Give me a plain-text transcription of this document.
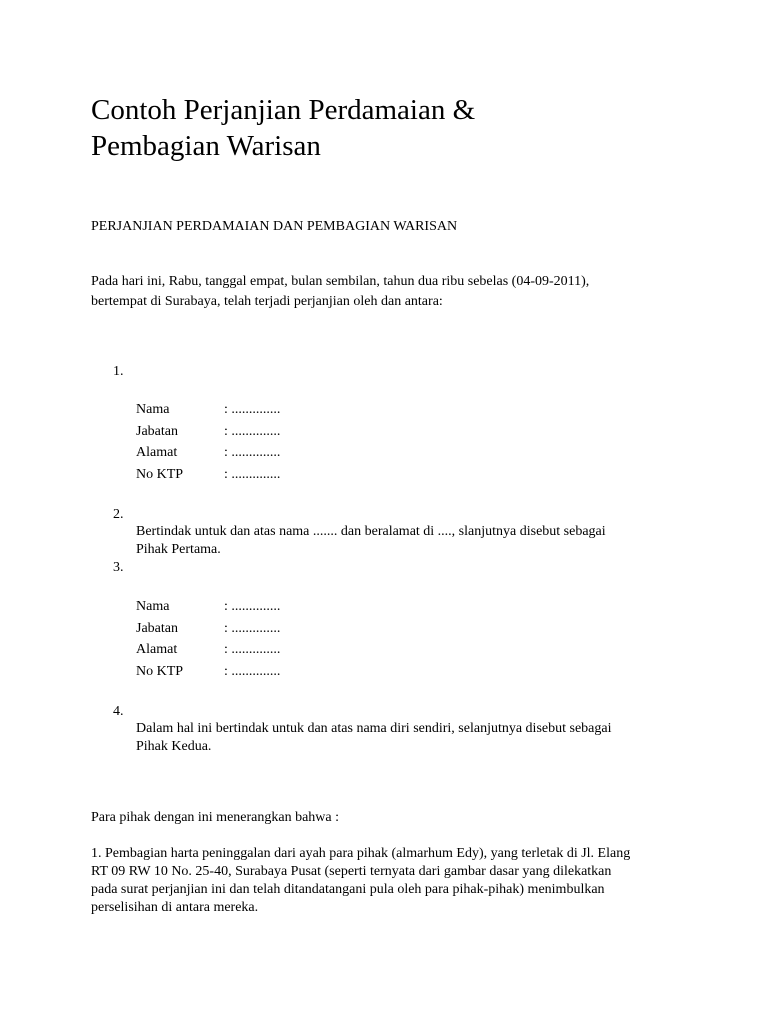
Contoh Perjanjian Perdamaian &
Pembagian Warisan

PERJANJIAN PERDAMAIAN DAN PEMBAGIAN WARISAN

Pada hari ini, Rabu, tanggal empat, bulan sembilan, tahun dua ribu sebelas (04-09-2011),
bertempat di Surabaya, telah terjadi perjanjian oleh dan antara:

1.
Nama	: ..............
Jabatan	: ..............
Alamat	: ..............
No KTP	: ..............
2.

Bertindak untuk dan atas nama ....... dan beralamat di ...., slanjutnya disebut sebagai
Pihak Pertama.

3.
Nama	: ..............
Jabatan	: ..............
Alamat	: ..............
No KTP	: ..............
4.

Dalam hal ini bertindak untuk dan atas nama diri sendiri, selanjutnya disebut sebagai
Pihak Kedua.

Para pihak dengan ini menerangkan bahwa :

1. Pembagian harta peninggalan dari ayah para pihak (almarhum Edy), yang terletak di Jl. Elang
RT 09 RW 10 No. 25-40, Surabaya Pusat (seperti ternyata dari gambar dasar yang dilekatkan
pada surat perjanjian ini dan telah ditandatangani pula oleh para pihak-pihak) menimbulkan
perselisihan di antara mereka.
